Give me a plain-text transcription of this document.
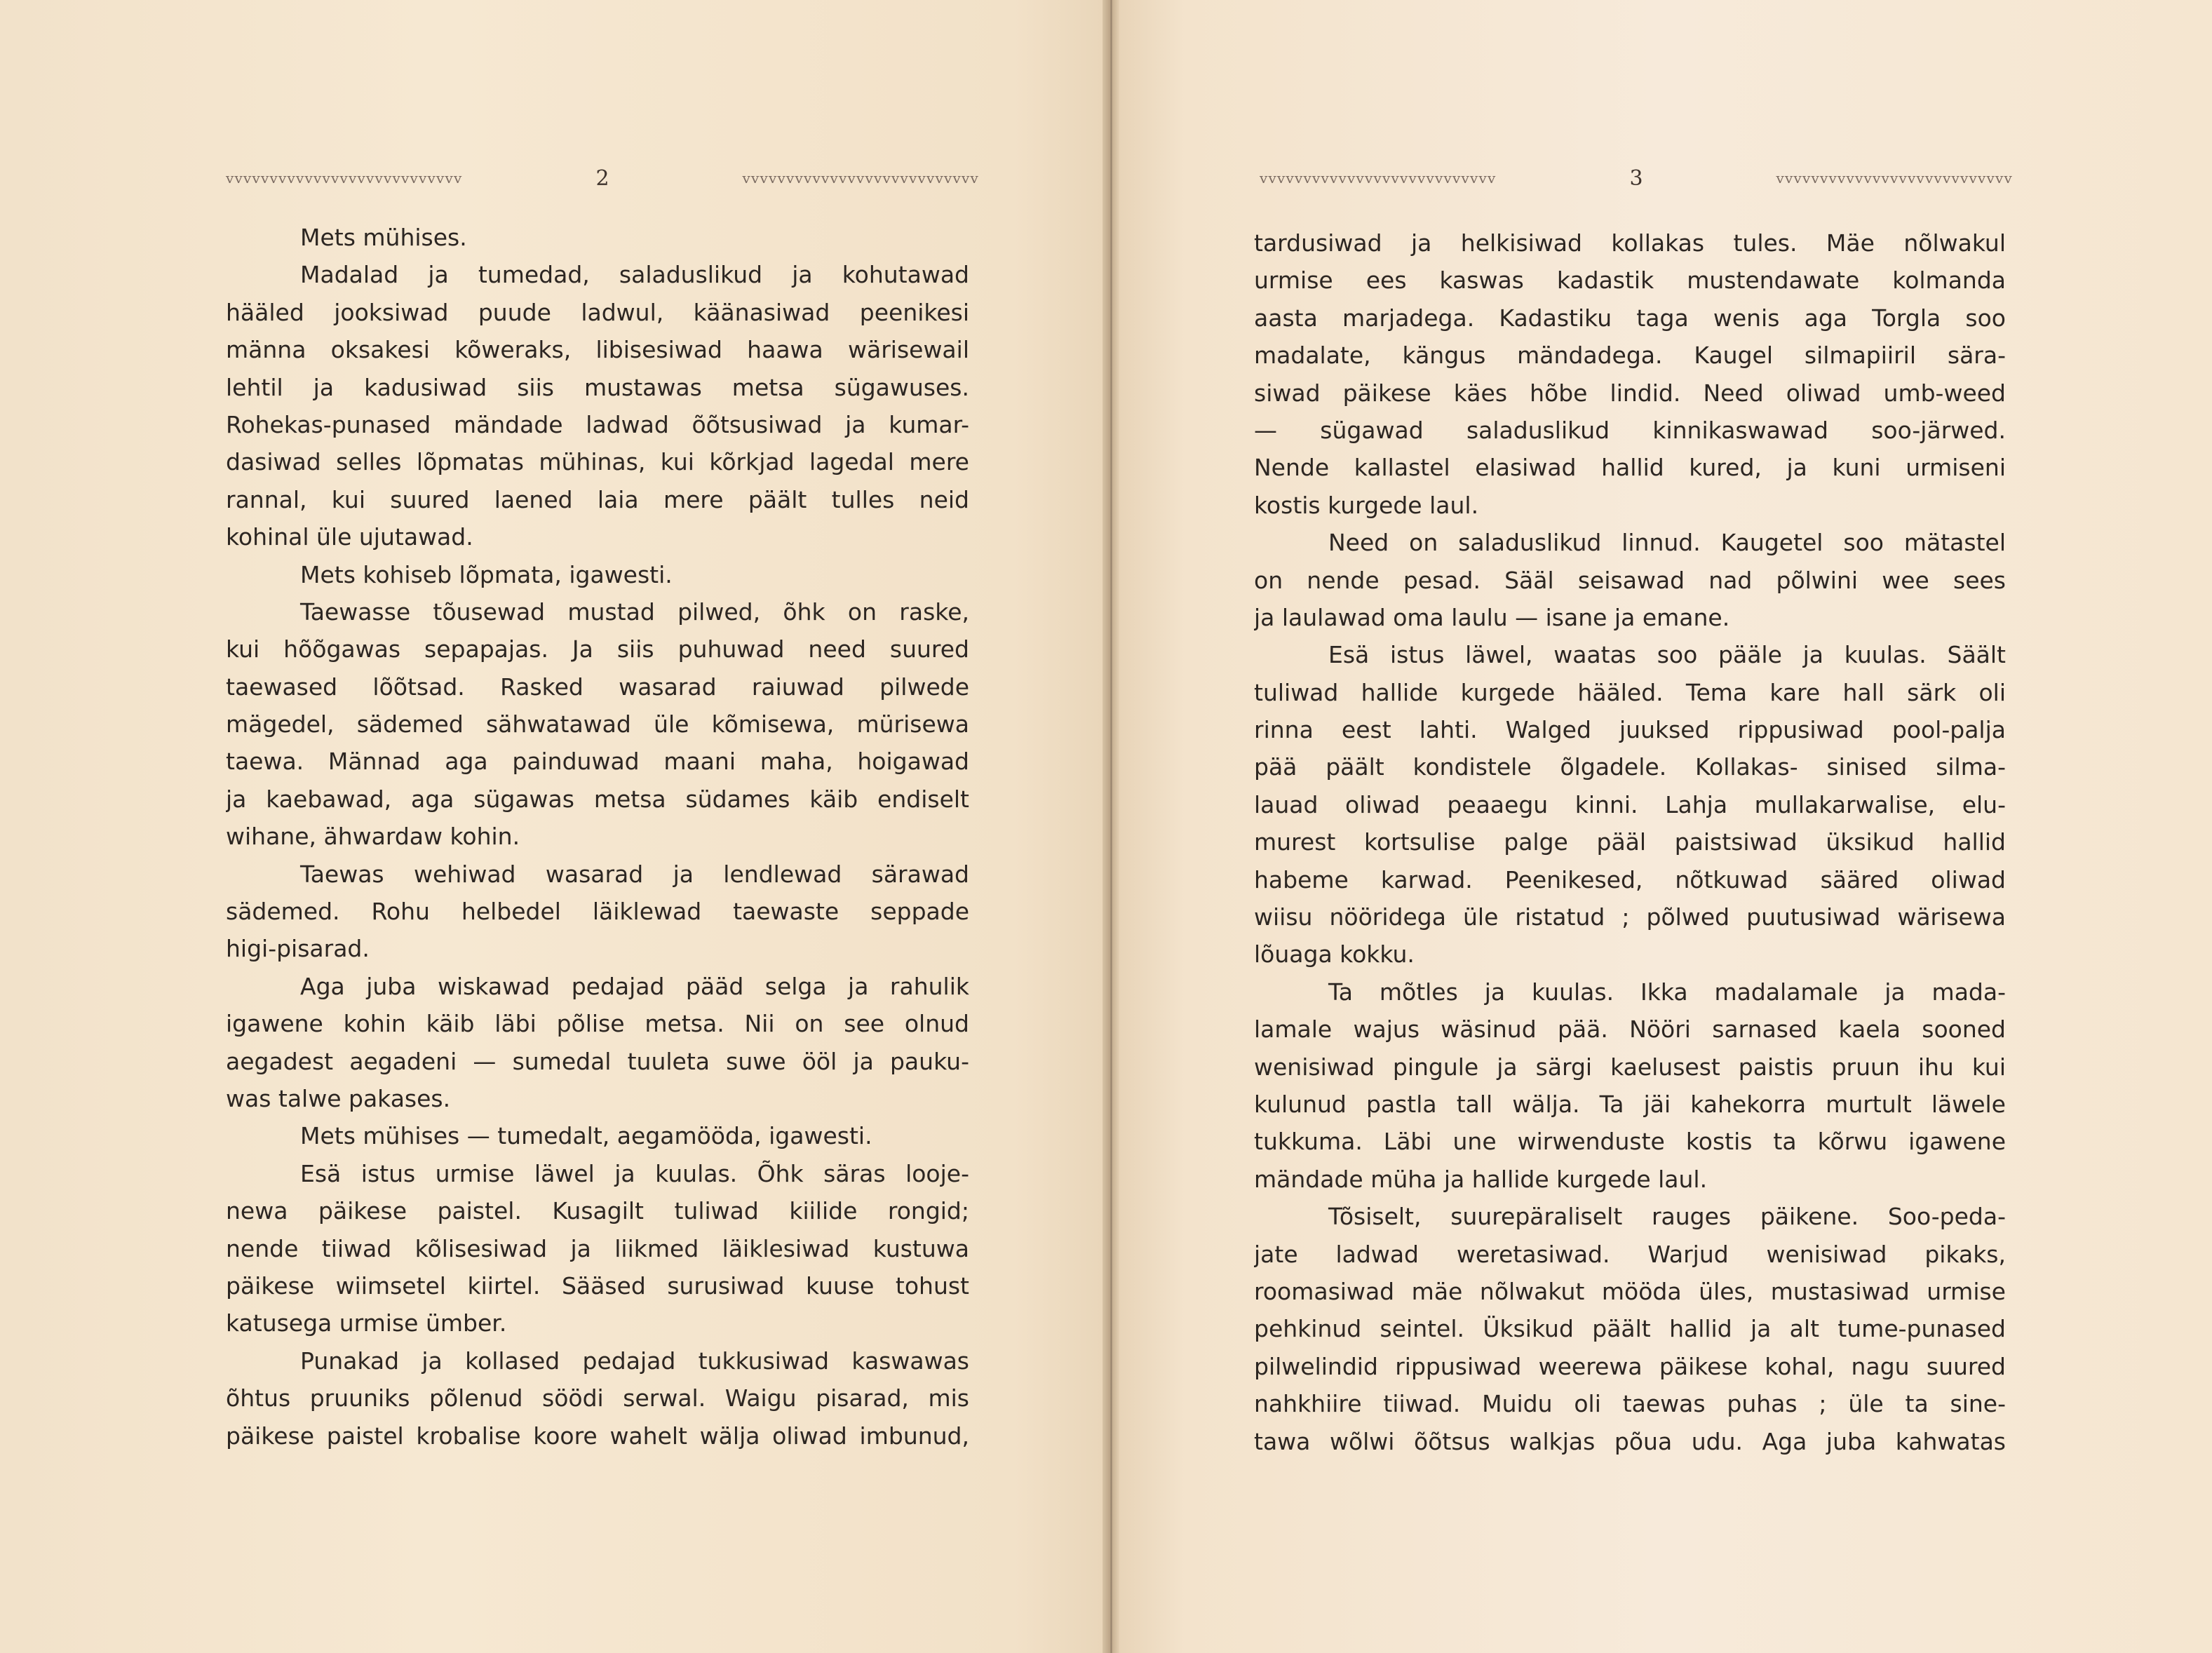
vvvvvvvvvvvvvvvvvvvvvvvvvvv	2	vvvvvvvvvvvvvvvvvvvvvvvvvvv
Mets mühises.
Madalad ja tumedad, saladuslikud ja kohutawad
hääled jooksiwad puude ladwul, käänasiwad peenikesi
männa oksakesi kõweraks, libisesiwad haawa wärisewail
lehtil ja kadusiwad siis mustawas metsa sügawuses.
Rohekas-punased mändade ladwad õõtsusiwad ja kumar-
dasiwad selles lõpmatas mühinas, kui kõrkjad lagedal mere
rannal, kui suured laened laia mere päält tulles neid
kohinal üle ujutawad.
Mets kohiseb lõpmata, igawesti.
Taewasse tõusewad mustad pilwed, õhk on raske,
kui hõõgawas sepapajas. Ja siis puhuwad need suured
taewased lõõtsad. Rasked wasarad raiuwad pilwede
mägedel, sädemed sähwatawad üle kõmisewa, mürisewa
taewa. Männad aga painduwad maani maha, hoigawad
ja kaebawad, aga sügawas metsa südames käib endiselt
wihane, ähwardaw kohin.
Taewas wehiwad wasarad ja lendlewad särawad
sädemed. Rohu helbedel läiklewad taewaste seppade
higi-pisarad.
Aga juba wiskawad pedajad pääd selga ja rahulik
igawene kohin käib läbi põlise metsa. Nii on see olnud
aegadest aegadeni — sumedal tuuleta suwe ööl ja pauku-
was talwe pakases.
Mets mühises — tumedalt, aegamööda, igawesti.
Esä istus urmise läwel ja kuulas. Õhk säras looje-
newa päikese paistel. Kusagilt tuliwad kiilide rongid;
nende tiiwad kõlisesiwad ja liikmed läiklesiwad kustuwa
päikese wiimsetel kiirtel. Sääsed surusiwad kuuse tohust
katusega urmise ümber.
Punakad ja kollased pedajad tukkusiwad kaswawas
õhtus pruuniks põlenud söödi serwal. Waigu pisarad, mis
päikese paistel krobalise koore wahelt wälja oliwad imbunud,
vvvvvvvvvvvvvvvvvvvvvvvvvvv	3	vvvvvvvvvvvvvvvvvvvvvvvvvvv
tardusiwad ja helkisiwad kollakas tules. Mäe nõlwakul
urmise ees kaswas kadastik mustendawate kolmanda
aasta marjadega. Kadastiku taga wenis aga Torgla soo
madalate, kängus mändadega. Kaugel silmapiiril sära-
siwad päikese käes hõbe lindid. Need oliwad umb-weed
— sügawad saladuslikud kinnikaswawad soo-järwed.
Nende kallastel elasiwad hallid kured, ja kuni urmiseni
kostis kurgede laul.
Need on saladuslikud linnud. Kaugetel soo mätastel
on nende pesad. Sääl seisawad nad põlwini wee sees
ja laulawad oma laulu — isane ja emane.
Esä istus läwel, waatas soo pääle ja kuulas. Säält
tuliwad hallide kurgede hääled. Tema kare hall särk oli
rinna eest lahti. Walged juuksed rippusiwad pool-palja
pää päält kondistele õlgadele. Kollakas- sinised silma-
lauad oliwad peaaegu kinni. Lahja mullakarwalise, elu-
murest kortsulise palge pääl paistsiwad üksikud hallid
habeme karwad. Peenikesed, nõtkuwad sääred oliwad
wiisu nööridega üle ristatud ; põlwed puutusiwad wärisewa
lõuaga kokku.
Ta mõtles ja kuulas. Ikka madalamale ja mada-
lamale wajus wäsinud pää. Nööri sarnased kaela sooned
wenisiwad pingule ja särgi kaelusest paistis pruun ihu kui
kulunud pastla tall wälja. Ta jäi kahekorra murtult läwele
tukkuma. Läbi une wirwenduste kostis ta kõrwu igawene
mändade müha ja hallide kurgede laul.
Tõsiselt, suurepäraliselt rauges päikene. Soo-peda-
jate ladwad weretasiwad. Warjud wenisiwad pikaks,
roomasiwad mäe nõlwakut mööda üles, mustasiwad urmise
pehkinud seintel. Üksikud päält hallid ja alt tume-punased
pilwelindid rippusiwad weerewa päikese kohal, nagu suured
nahkhiire tiiwad. Muidu oli taewas puhas ; üle ta sine-
tawa wõlwi õõtsus walkjas põua udu. Aga juba kahwatas
